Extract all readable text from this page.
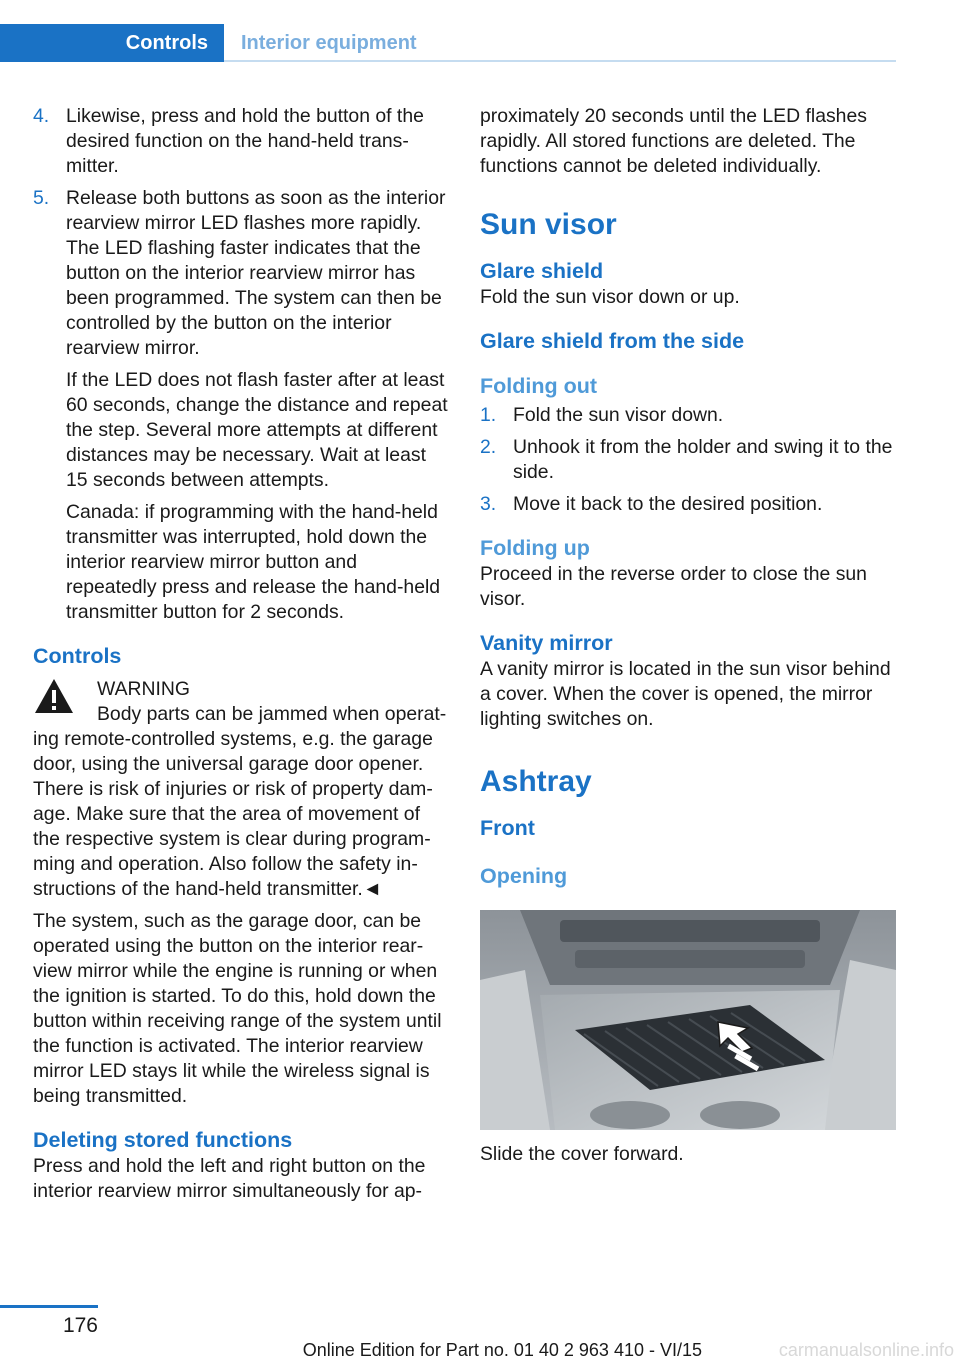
Controls	Interior equipment
4. Likewise, press and hold the button of the desired function on the hand-held transmitter.

5. Release both buttons as soon as the interior rearview mirror LED flashes more rapidly. The LED flashing faster indicates that the button on the interior rearview mirror has been programmed. The system can then be controlled by the button on the interior rearview mirror.

If the LED does not flash faster after at least 60 seconds, change the distance and repeat the step. Several more attempts at different distances may be necessary. Wait at least 15 seconds between attempts.

Canada: if programming with the hand-held transmitter was interrupted, hold down the interior rearview mirror button and repeatedly press and release the hand-held transmitter button for 2 seconds.

Controls
WARNING
Body parts can be jammed when operat-
ing remote-controlled systems, e.g. the garage door, using the universal garage door opener. There is risk of injuries or risk of property damage. Make sure that the area of movement of the respective system is clear during programming and operation. Also follow the safety instructions of the hand-held transmitter.◄
The system, such as the garage door, can be operated using the button on the interior rearview mirror while the engine is running or when the ignition is started. To do this, hold down the button within receiving range of the system until the function is activated. The interior rearview mirror LED stays lit while the wireless signal is being transmitted.
Deleting stored functions
Press and hold the left and right button on the interior rearview mirror simultaneously for ap-
proximately 20 seconds until the LED flashes rapidly. All stored functions are deleted. The functions cannot be deleted individually.
Sun visor
Glare shield
Fold the sun visor down or up.
Glare shield from the side
Folding out
1. Fold the sun visor down.
2. Unhook it from the holder and swing it to the side.
3. Move it back to the desired position.
Folding up
Proceed in the reverse order to close the sun visor.
Vanity mirror
A vanity mirror is located in the sun visor behind a cover. When the cover is opened, the mirror lighting switches on.
Ashtray
Front
Opening
Slide the cover forward.
176
Online Edition for Part no. 01 40 2 963 410 - VI/15	carmanualsonline.info
